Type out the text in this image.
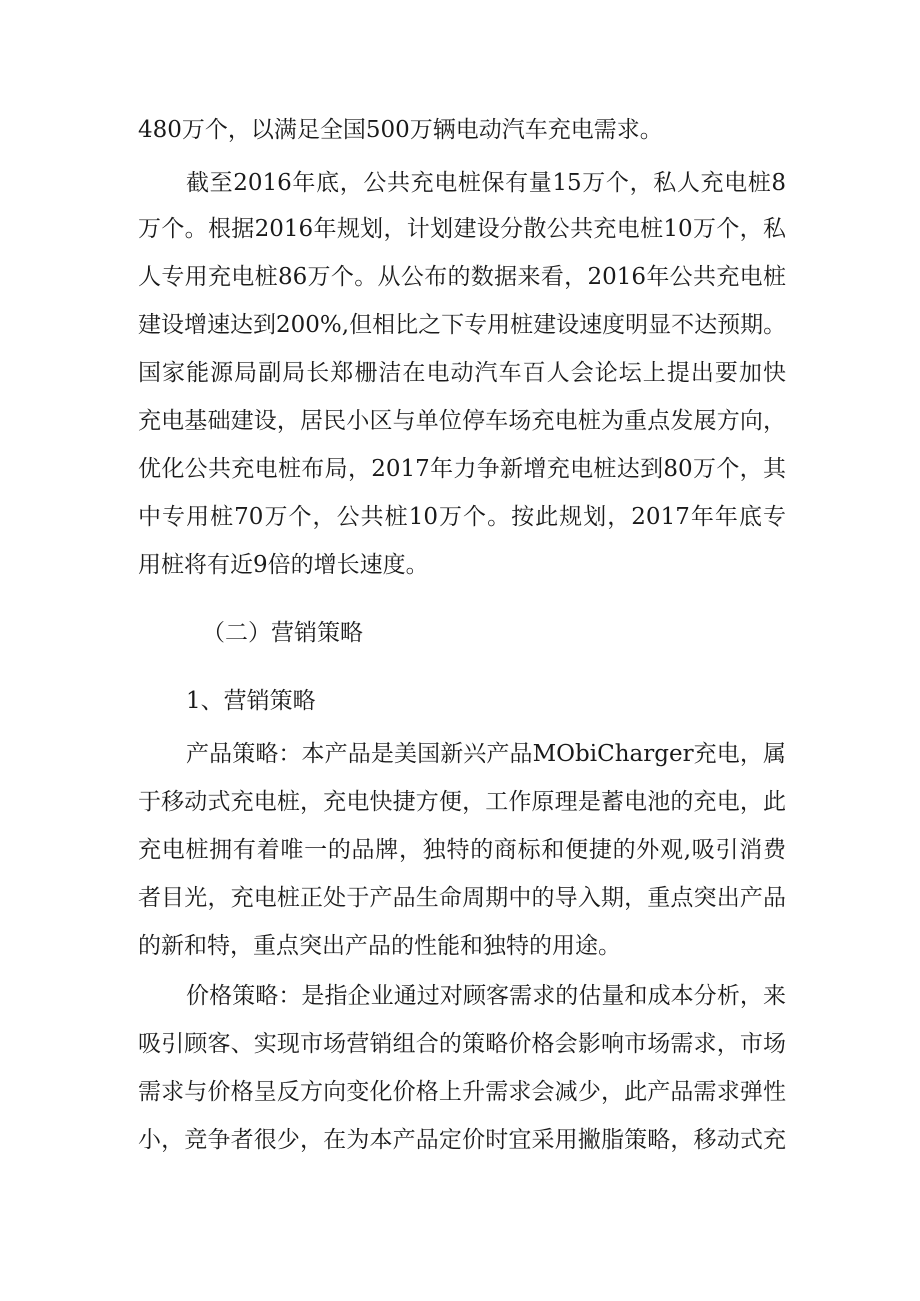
480万个，以满足全国500万辆电动汽车充电需求。
截至2016年底，公共充电桩保有量15万个，私人充电桩8
万个。根据2016年规划，计划建设分散公共充电桩10万个，私
人专用充电桩86万个。从公布的数据来看，2016年公共充电桩
建设增速达到200%,但相比之下专用桩建设速度明显不达预期。
国家能源局副局长郑栅洁在电动汽车百人会论坛上提出要加快
充电基础建设，居民小区与单位停车场充电桩为重点发展方向，
优化公共充电桩布局，2017年力争新增充电桩达到80万个，其
中专用桩70万个，公共桩10万个。按此规划，2017年年底专
用桩将有近9倍的增长速度。
（二）营销策略
1、营销策略
产品策略：本产品是美国新兴产品MObiCharger充电，属
于移动式充电桩，充电快捷方便，工作原理是蓄电池的充电，此
充电桩拥有着唯一的品牌，独特的商标和便捷的外观,吸引消费
者目光，充电桩正处于产品生命周期中的导入期，重点突出产品
的新和特，重点突出产品的性能和独特的用途。
价格策略：是指企业通过对顾客需求的估量和成本分析，来
吸引顾客、实现市场营销组合的策略价格会影响市场需求，市场
需求与价格呈反方向变化价格上升需求会减少，此产品需求弹性
小，竞争者很少，在为本产品定价时宜采用撇脂策略，移动式充
